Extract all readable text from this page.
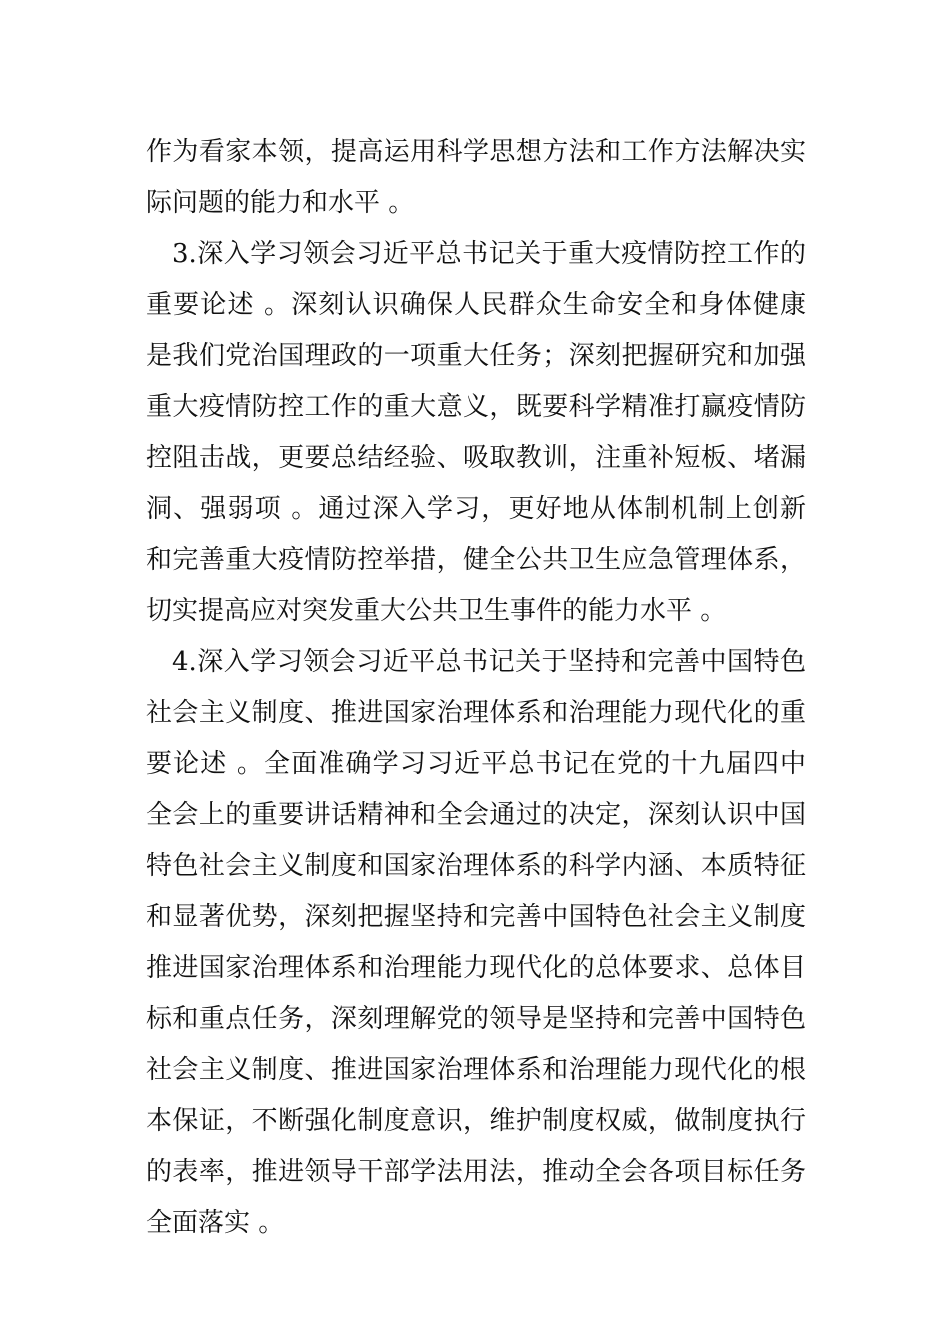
作为看家本领，提高运用科学思想方法和工作方法解决实
际问题的能力和水平 。
3.深入学习领会习近平总书记关于重大疫情防控工作的
重要论述 。深刻认识确保人民群众生命安全和身体健康
是我们党治国理政的一项重大任务；深刻把握研究和加强
重大疫情防控工作的重大意义，既要科学精准打赢疫情防
控阻击战，更要总结经验、吸取教训，注重补短板、堵漏
洞、强弱项 。通过深入学习，更好地从体制机制上创新
和完善重大疫情防控举措，健全公共卫生应急管理体系，
切实提高应对突发重大公共卫生事件的能力水平 。
4.深入学习领会习近平总书记关于坚持和完善中国特色
社会主义制度、推进国家治理体系和治理能力现代化的重
要论述 。全面准确学习习近平总书记在党的十九届四中
全会上的重要讲话精神和全会通过的决定，深刻认识中国
特色社会主义制度和国家治理体系的科学内涵、本质特征
和显著优势，深刻把握坚持和完善中国特色社会主义制度
推进国家治理体系和治理能力现代化的总体要求、总体目
标和重点任务，深刻理解党的领导是坚持和完善中国特色
社会主义制度、推进国家治理体系和治理能力现代化的根
本保证，不断强化制度意识，维护制度权威，做制度执行
的表率，推进领导干部学法用法，推动全会各项目标任务
全面落实 。
